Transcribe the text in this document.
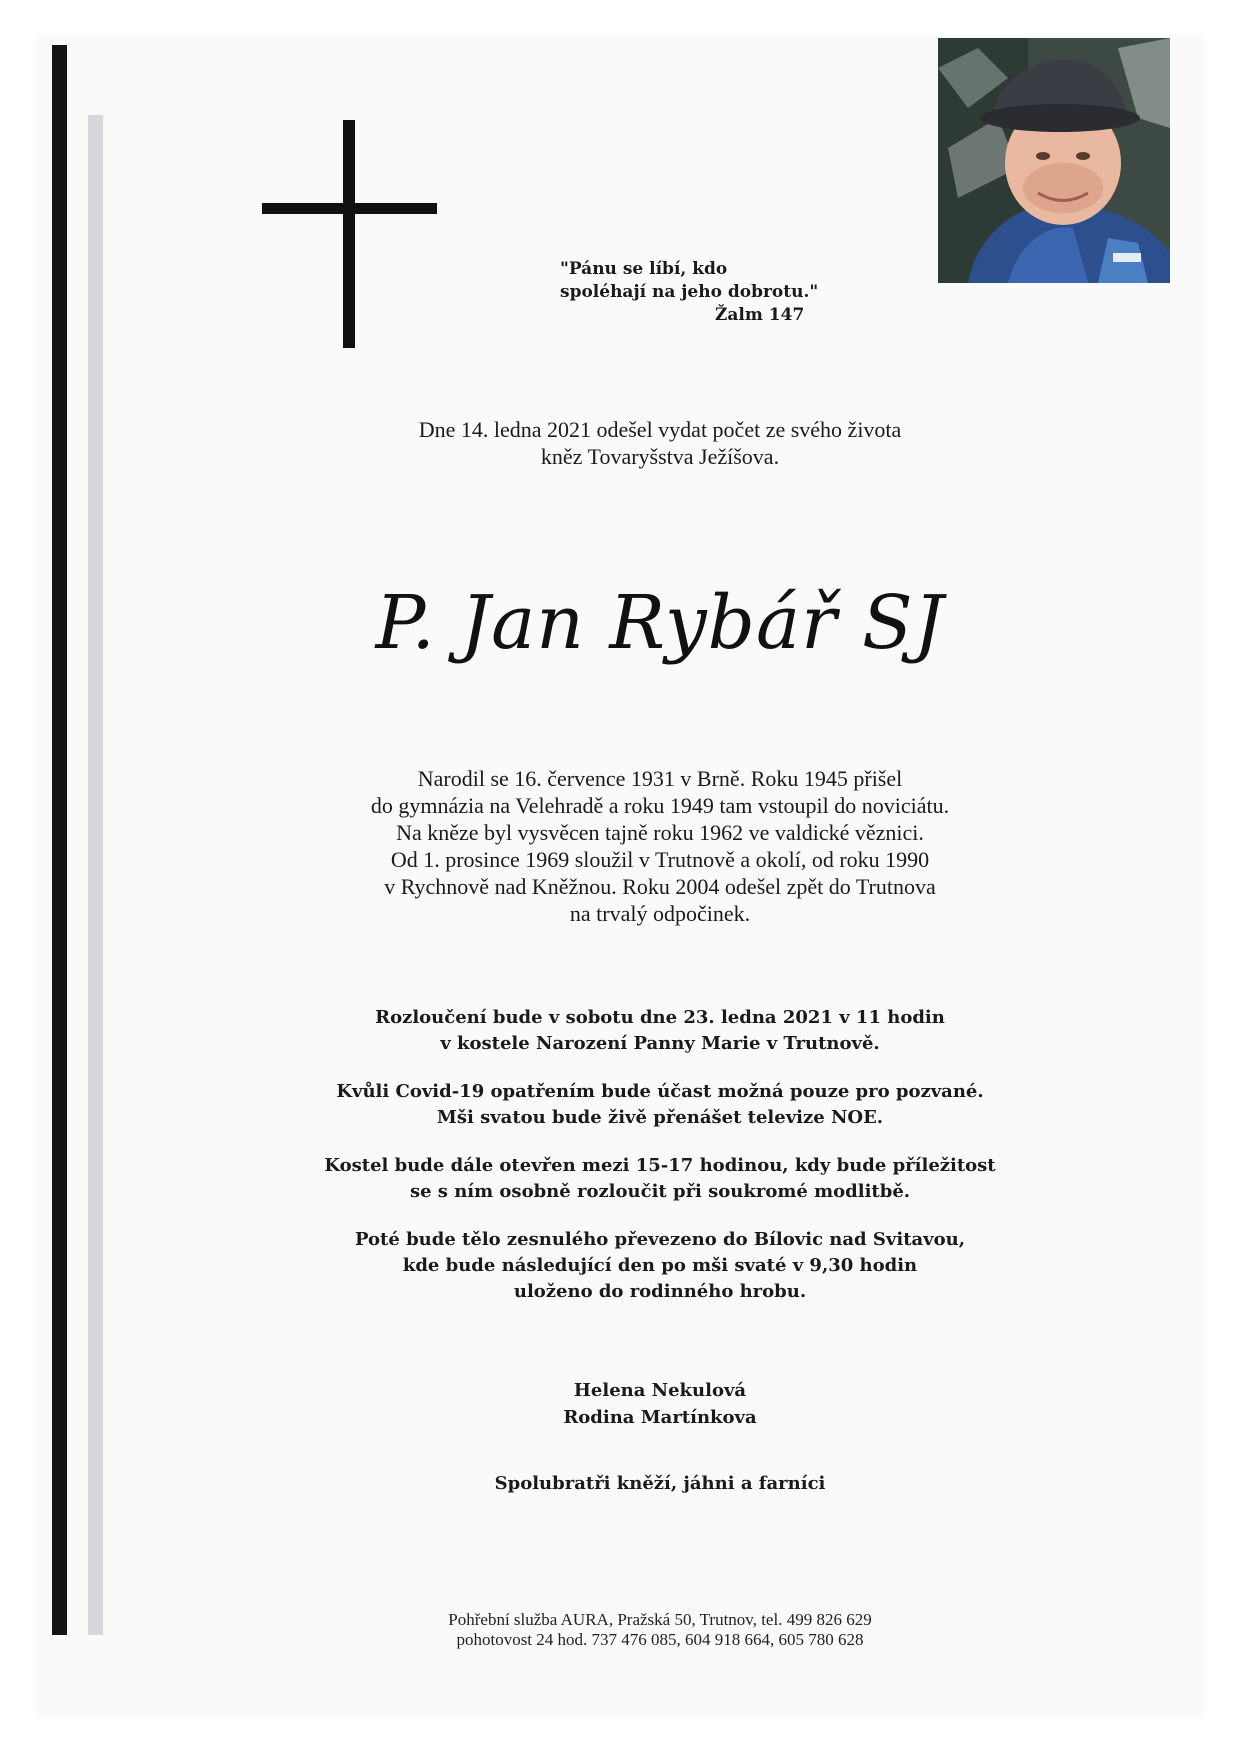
"Pánu se líbí, kdo
spoléhají na jeho dobrotu."
Žalm 147
Dne 14. ledna 2021 odešel vydat počet ze svého života
kněz Tovaryšstva Ježíšova.
P. Jan Rybář SJ
Narodil se 16. července 1931 v Brně. Roku 1945 přišel
do gymnázia na Velehradě a roku 1949 tam vstoupil do noviciátu.
Na kněze byl vysvěcen tajně roku 1962 ve valdické věznici.
Od 1. prosince 1969 sloužil v Trutnově a okolí, od roku 1990
v Rychnově nad Kněžnou. Roku 2004 odešel zpět do Trutnova
na trvalý odpočinek.
Rozloučení bude v sobotu dne 23. ledna 2021 v 11 hodin
v kostele Narození Panny Marie v Trutnově.
Kvůli Covid-19 opatřením bude účast možná pouze pro pozvané.
Mši svatou bude živě přenášet televize NOE.
Kostel bude dále otevřen mezi 15-17 hodinou, kdy bude příležitost
se s ním osobně rozloučit při soukromé modlitbě.
Poté bude tělo zesnulého převezeno do Bílovic nad Svitavou,
kde bude následující den po mši svaté v 9,30 hodin
uloženo do rodinného hrobu.
Helena Nekulová
Rodina Martínkova
Spolubratři kněží, jáhni a farníci
Pohřební služba AURA, Pražská 50, Trutnov, tel. 499 826 629
pohotovost 24 hod. 737 476 085, 604 918 664, 605 780 628
